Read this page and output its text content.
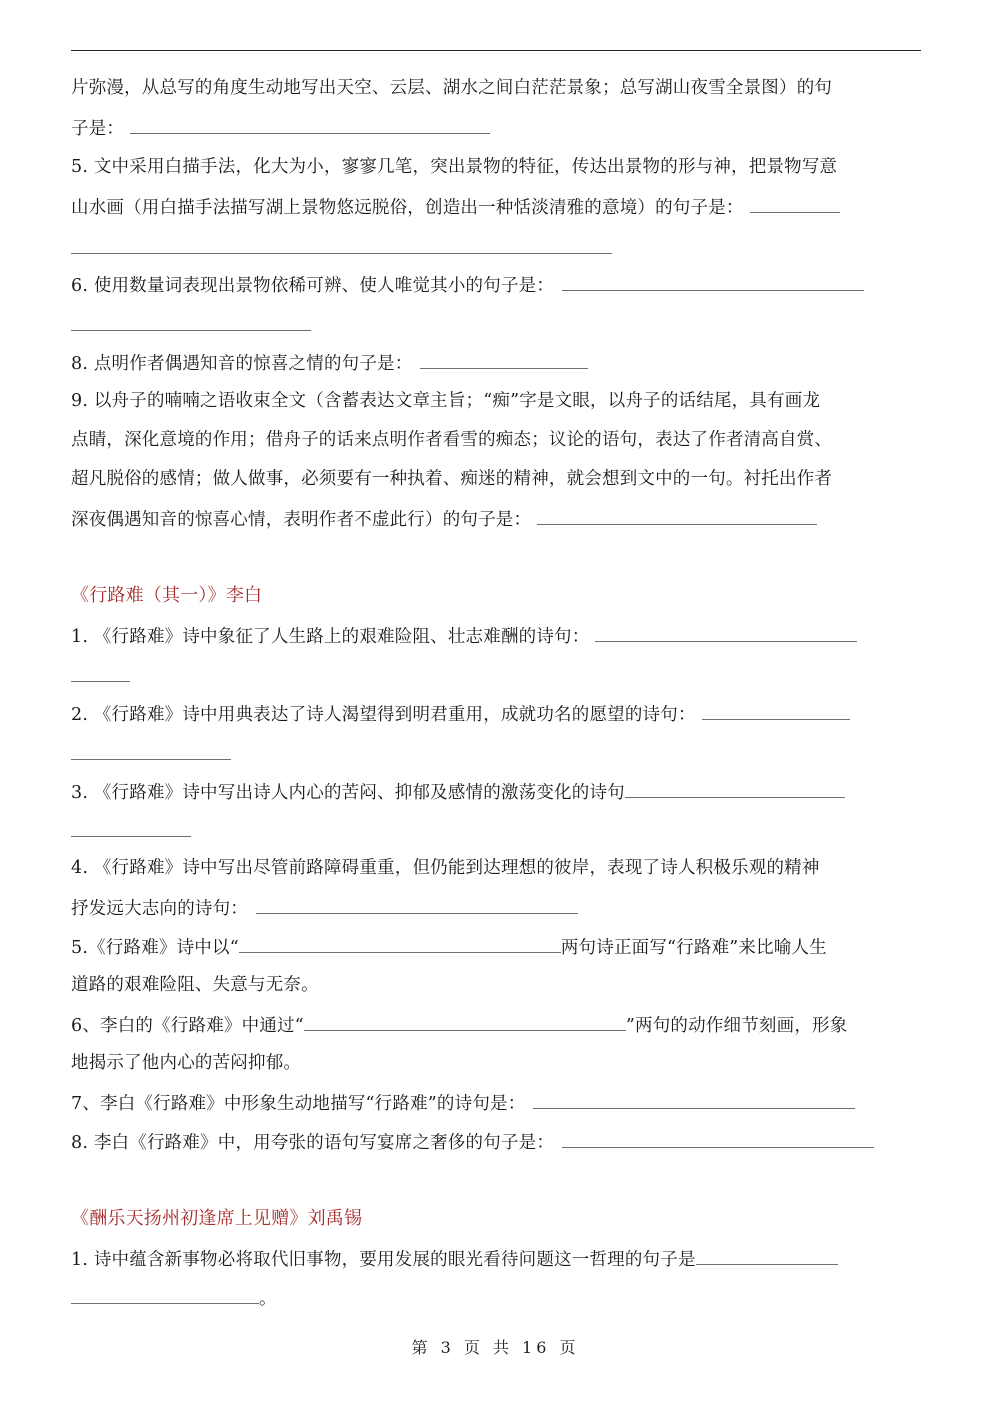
片弥漫，从总写的角度生动地写出天空、云层、湖水之间白茫茫景象；总写湖山夜雪全景图）的句
子是：
5. 文中采用白描手法，化大为小，寥寥几笔，突出景物的特征，传达出景物的形与神，把景物写意
山水画（用白描手法描写湖上景物悠远脱俗，创造出一种恬淡清雅的意境）的句子是：
6. 使用数量词表现出景物依稀可辨、使人唯觉其小的句子是：
8. 点明作者偶遇知音的惊喜之情的句子是：
9. 以舟子的喃喃之语收束全文（含蓄表达文章主旨；“痴”字是文眼，以舟子的话结尾，具有画龙
点睛，深化意境的作用；借舟子的话来点明作者看雪的痴态；议论的语句，表达了作者清高自赏、
超凡脱俗的感情；做人做事，必须要有一种执着、痴迷的精神，就会想到文中的一句。衬托出作者
深夜偶遇知音的惊喜心情，表明作者不虚此行）的句子是：
《行路难（其一）》李白
1. 《行路难》诗中象征了人生路上的艰难险阻、壮志难酬的诗句：
2. 《行路难》诗中用典表达了诗人渴望得到明君重用，成就功名的愿望的诗句：
3. 《行路难》诗中写出诗人内心的苦闷、抑郁及感情的激荡变化的诗句
4. 《行路难》诗中写出尽管前路障碍重重，但仍能到达理想的彼岸，表现了诗人积极乐观的精神
抒发远大志向的诗句：
5.《行路难》诗中以“	两句诗正面写“行路难”来比喻人生
道路的艰难险阻、失意与无奈。
6、李白的《行路难》中通过“	”两句的动作细节刻画，形象
地揭示了他内心的苦闷抑郁。
7、李白《行路难》中形象生动地描写“行路难”的诗句是：
8. 李白《行路难》中，用夸张的语句写宴席之奢侈的句子是：
《酬乐天扬州初逢席上见赠》刘禹锡
1. 诗中蕴含新事物必将取代旧事物，要用发展的眼光看待问题这一哲理的句子是
。
第 3 页 共 16 页
